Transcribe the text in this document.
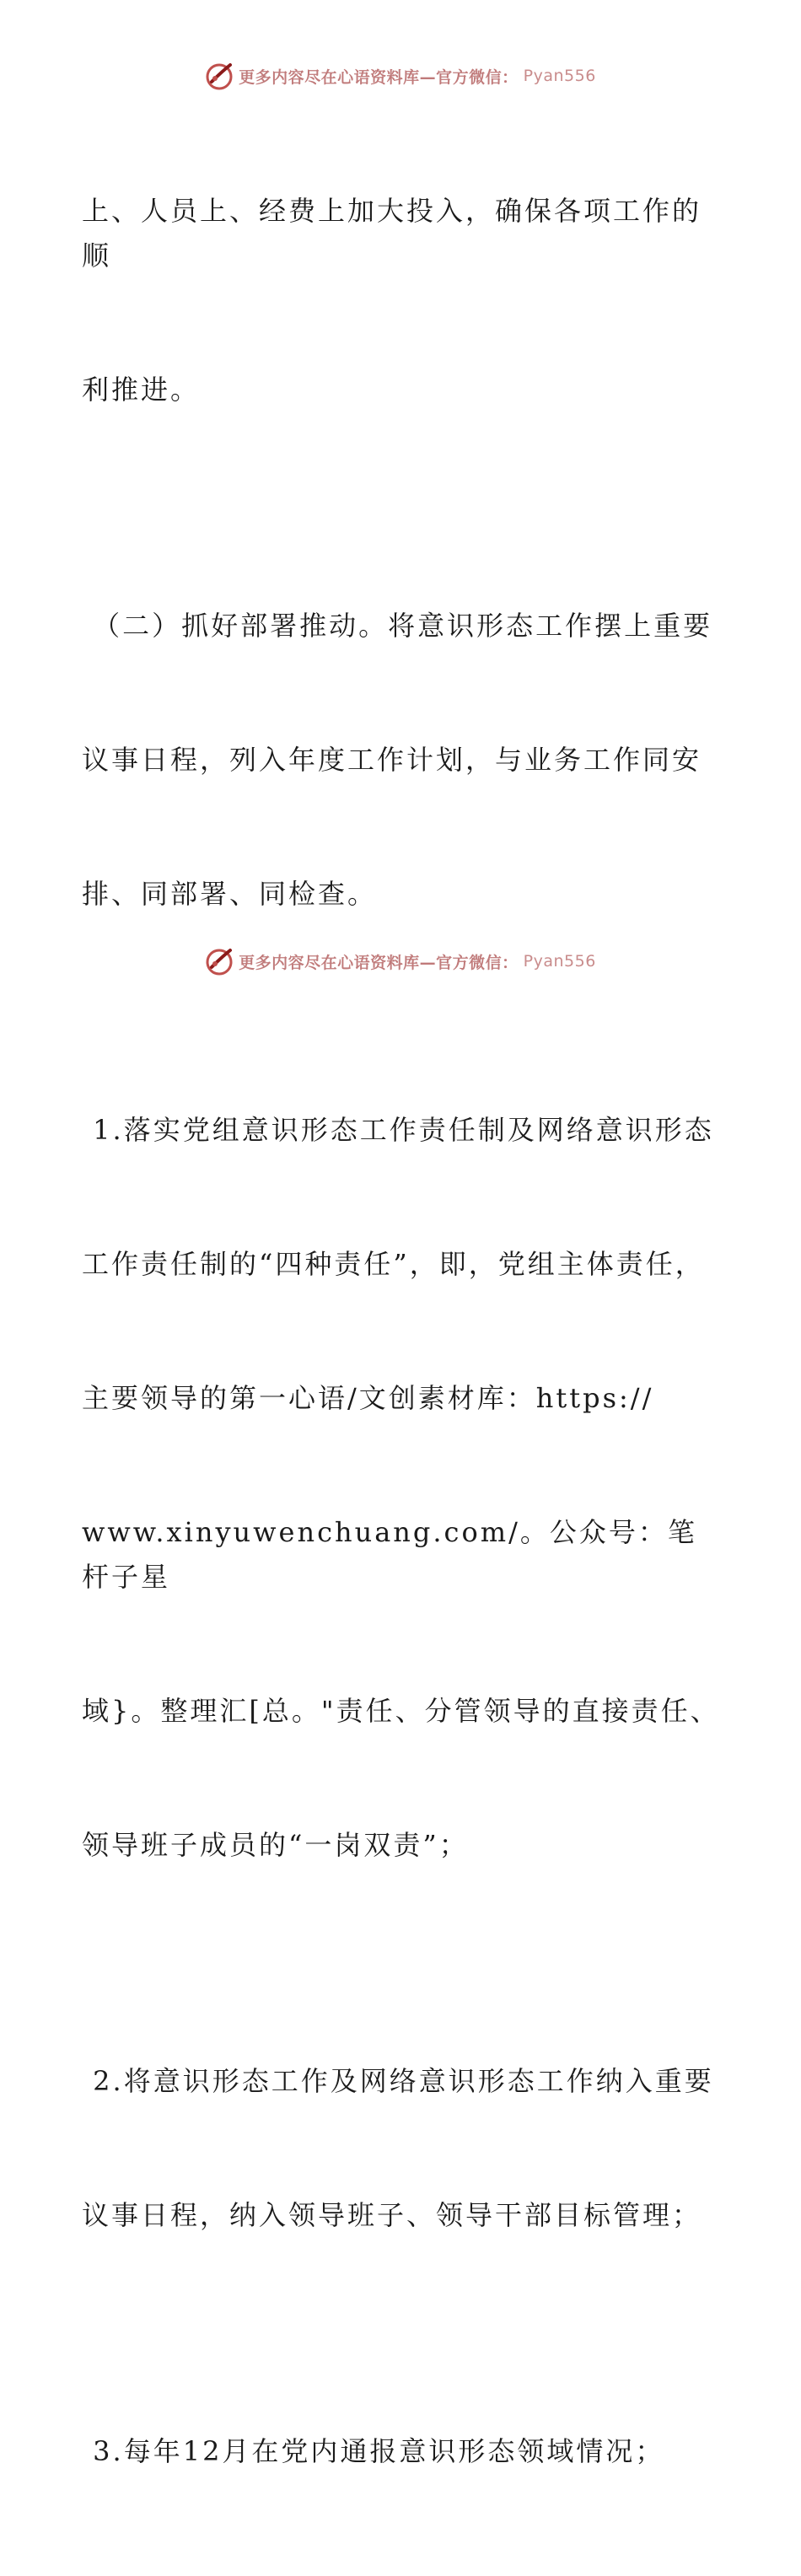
更多内容尽在心语资料库—官方微信： Pyan556

上、人员上、经费上加大投入，确保各项工作的顺

利推进。

（二）抓好部署推动。将意识形态工作摆上重要

议事日程，列入年度工作计划，与业务工作同安

排、同部署、同检查。

1.落实党组意识形态工作责任制及网络意识形态

工作责任制的“四种责任”，即，党组主体责任，

主要领导的第一心语/文创素材库：https://

www.xinyuwenchuang.com/。公众号：笔杆子星

域}。整理汇[总。"责任、分管领导的直接责任、

领导班子成员的“一岗双责”；

2.将意识形态工作及网络意识形态工作纳入重要

议事日程，纳入领导班子、领导干部目标管理；

3.每年12月在党内通报意识形态领域情况；

更多内容尽在心语资料库—官方微信： Pyan556
